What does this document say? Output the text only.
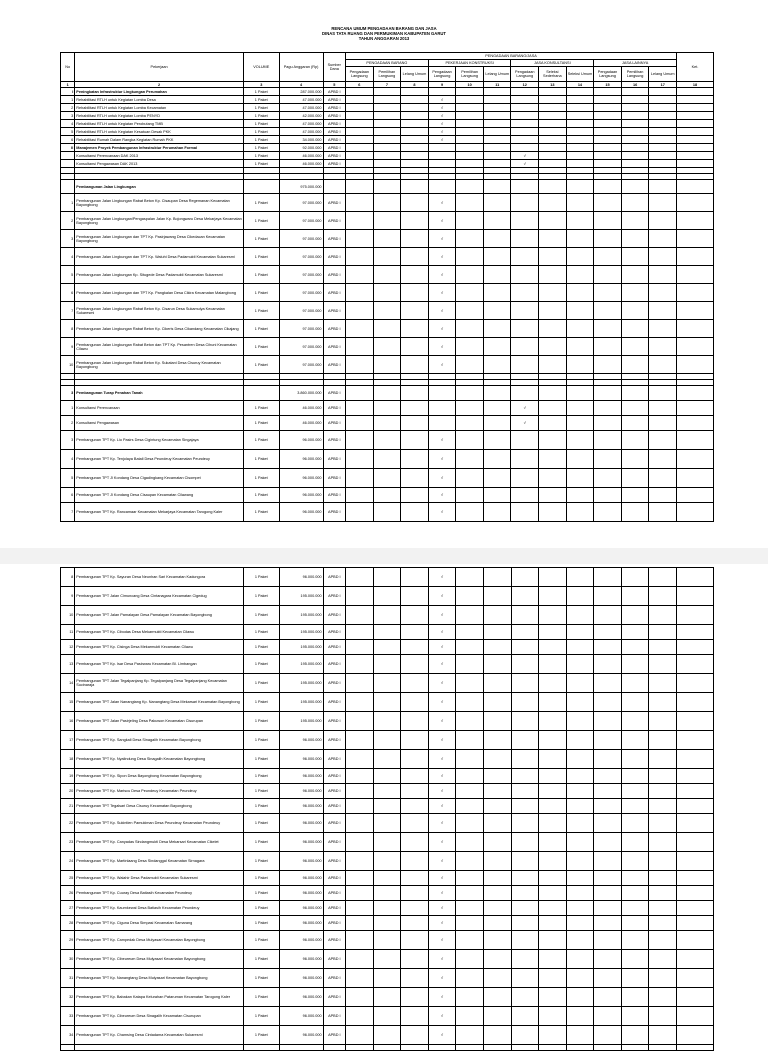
RENCANA UMUM PENGADAAN BARANG DAN JASA
DINAS TATA RUANG DAN PERMUKIMAN KABUPATEN GARUT
TAHUN ANGGARAN 2013
No	Pekerjaan	VOLUME	Pagu Anggaran (Rp)	Sumber Dana	PENGADAAN BARANG/JASA												Ket.
					PENGADAAN BARANG			PEKERJAAN KONSTRUKSI			JASA KONSULTANSI			JASA LAINNYA			
					Pengadaan Langsung	Pemilihan Langsung	Lelang Umum	Pengadaan Langsung	Pemilihan Langsung	Lelang Umum	Pengadaan Langsung	Seleksi Sederhana	Seleksi Umum	Pengadaan Langsung	Pemilihan Langsung	Lelang Umum	
1	2	3	4	5	6	7	8	9	10	11	12	13	14	15	16	17	18
I	Peningkatan Infrastruktur Lingkungan Perumahan	1 Paket	287.000.000	APBD I													
1	Rehabilitasi RTLH untuk Kegiatan Lomba Desa	1 Paket	47.000.000	APBD I				√									
2	Rehabilitasi RTLH untuk Kegiatan Lomba Kecamatan	1 Paket	47.000.000	APBD I				√									
3	Rehabilitasi RTLH untuk Kegiatan Lomba PENYD	1 Paket	42.000.000	APBD I				√									
4	Rehabilitasi RTLH untuk Kegiatan Perobutang TMB	1 Paket	47.000.000	APBD I				√									
5	Rehabilitasi RTLH untuk Kegiatan Kesatuan Desak PKK	1 Paket	47.000.000	APBD I				√									
6	Rehabilitasi Rumah Dalam Rangka Kegiatan Rumah PKK	1 Paket	34.000.000	APBD I				√									
II	Manajemen Proyek Pembangunan Infrastruktur Perumahan Formal	1 Paket	92.000.000	APBD I													
	Konsultansi Perencanaan DAK 2013	1 Paket	46.000.000	APBD I							√						
	Konsultansi Pengawasan DAK 2013	1 Paket	46.000.000	APBD I							√						

	Pembangunan Jalan Lingkungan		975.000.000														
1	Pembangunan Jalan Lingkungan Rabat Beton Kp. Cisaupan Desa Regemanan Kecamatan Bayongbong	1 Paket	97.000.000	APBD I				√									
2	Pembangunan Jalan Lingkungan/Pengaspalan Jalan Kp. Bojongwaru Desa Mekarjaya Kecamatan Bayongbong	1 Paket	97.000.000	APBD I				√									
3	Pembangunan Jalan Lingkungan dan TPT Kp. Pasirjawang Desa Cikedacan Kecamatan Bayongbong	1 Paket	97.000.000	APBD I				√									
4	Pembangunan Jalan Lingkungan dan TPT Kp. Waluhi Desa Padamukti Kecamatan Sukaresmi	1 Paket	97.000.000	APBD I				√									
5	Pembangunan Jalan Lingkungan Kp. Situgede Desa Padamukti Kecamatan Sukaresmi	1 Paket	97.000.000	APBD I				√									
6	Pembangunan Jalan Lingkungan dan TPT Kp. Pangkalan Desa Cikira Kecamatan Malangbong	1 Paket	97.000.000	APBD I				√									
7	Pembangunan Jalan Lingkungan Rabat Beton Kp. Cisarun Desa Sukamulya Kecamatan Sukaresmi	1 Paket	97.000.000	APBD I				√									
8	Pembangunan Jalan Lingkungan Rabat Beton Kp. Cikeris Desa Cikandang Kecamatan Cikajang	1 Paket	97.000.000	APBD I				√									
9	Pembangunan Jalan Lingkungan Rabat Beton dan TPT Kp. Pesantren Desa Cihuni Kecamatan Cilawu	1 Paket	97.000.000	APBD I				√									
10	Pembangunan Jalan Lingkungan Rabat Beton Kp. Sukatani Desa Cisuruy Kecamatan Bayongbong	1 Paket	97.000.000	APBD I				√									

3	Pembangunan Turap Penahan Tanah		3.860.000.000	APBD I													
1	Konsultansi Perencanaan	1 Paket	46.000.000	APBD I							√						
2	Konsultansi Pengawasan	1 Paket	46.000.000	APBD I							√						
3	Pembangunan TPT Kp. Lio Pasirs Desa Cigintung Kecamatan Singajaya	1 Paket	96.000.000	APBD I				√									
4	Pembangunan TPT Kp. Tenjolaya Batali Desa Peundeuy Kecamatan Peundeuy	1 Paket	96.000.000	APBD I				√									
5	Pembangunan TPT Jl Kondang Desa Cigadingkang Kecamatan Cisompet	1 Paket	96.000.000	APBD I				√									
6	Pembangunan TPT Jl Kondang Desa Cisaupan Kecamatan Cilawang	1 Paket	96.000.000	APBD I				√									
7	Pembangunan TPT Kp. Rancamaar Kecamatan Mekarjaya Kecamatan Tarogong Kaler	1 Paket	96.000.000	APBD I				√									
8	Pembangunan TPT Kp. Sayuran Desa Neunhan Sari Kecamatan Kadungora	1 Paket	96.000.000	APBD I				√									
9	Pembangunan TPT Jalan Cimuncang Desa Cintanagara Kecamatan Cigedug	1 Paket	195.000.000	APBD I				√									
10	Pembangunan TPT Jalan Pamalayan Desa Pamalayan Kecamatan Bayongbong	1 Paket	195.000.000	APBD I				√									
11	Pembangunan TPT Kp. Cibodas Desa Mekarmukti Kecamatan Cilawu	1 Paket	195.000.000	APBD I				√									
12	Pembangunan TPT Kp. Cisinga Desa Mekarmukti Kecamatan Cilawu	1 Paket	195.000.000	APBD I				√									
13	Pembangunan TPT Kp. Isar Desa Pasirwaru Kecamatan Bl. Limbangan	1 Paket	195.000.000	APBD I				√									
14	Pembangunan TPT Jalan Tegalpanjang Kp. Tegalpanjang Desa Tegalpanjang Kecamatan Sucinaraja	1 Paket	195.000.000	APBD I				√									
15	Pembangunan TPT Jalan Nanangtang Kp. Nanangtang Desa Mekarsari Kecamatan Bayongbong	1 Paket	195.000.000	APBD I				√									
16	Pembangunan TPT Jalan Pasirjeling Desa Pakuwon Kecamatan Cisurupan	1 Paket	195.000.000	APBD I				√									
17	Pembangunan TPT Kp. Sangkali Desa Sinagalih Kecamatan Bayongbong	1 Paket	96.000.000	APBD I				√									
18	Pembangunan TPT Kp. Nyalindung Desa Sinagalih Kecamatan Bayongbong	1 Paket	96.000.000	APBD I				√									
19	Pembangunan TPT Kp. Sipon Desa Bayongbong Kecamatan Bayongbong	1 Paket	96.000.000	APBD I				√									
20	Pembangunan TPT Kp. Mariscu Desa Peundeuy Kecamatan Peundeuy	1 Paket	96.000.000	APBD I				√									
21	Pembangunan TPT Tegalsari Desa Cisuruy Kecamatan Bayongbong	1 Paket	96.000.000	APBD I				√									
22	Pembangunan TPT Kp. Sukintlen Pamukiman Desa Peundeuy Kecamatan Peundeuy	1 Paket	96.000.000	APBD I				√									
23	Pembangunan TPT Kp. Canyadas Sindangmukti Desa Mekarsari Kecamatan Cikelet	1 Paket	96.000.000	APBD I				√									
24	Pembangunan TPT Kp. Martinlaang Desa Sindanggal Kecamatan Sirnagara	1 Paket	96.000.000	APBD I				√									
25	Pembangunan TPT Kp. Walahir Desa Padamukti Kecamatan Sukaresmi	1 Paket	96.000.000	APBD I				√									
26	Pembangunan TPT Kp. Cuuray Desa Batiasih Kecamatan Peundeuy	1 Paket	96.000.000	APBD I				√									
27	Pembangunan TPT Kp. Kaumkewal Desa Batiasih Kecamatan Peundeuy	1 Paket	96.000.000	APBD I				√									
28	Pembangunan TPT Kp. Ciguna Desa Simpasi Kecamatan Samarang	1 Paket	96.000.000	APBD I				√									
29	Pembangunan TPT Kp. Campedak Desa Mulyasari Kecamatan Bayongbong	1 Paket	96.000.000	APBD I				√									
30	Pembangunan TPT Kp. Cibeureum Desa Mulyasari Kecamatan Bayongbong	1 Paket	96.000.000	APBD I				√									
31	Pembangunan TPT Kp. Nanangtang Desa Mulyasari Kecamatan Bayongbong	1 Paket	96.000.000	APBD I				√									
32	Pembangunan TPT Kp. Babakan Katapa Kelurahan Pataruman Kecamatan Tarogong Kaler	1 Paket	96.000.000	APBD I				√									
33	Pembangunan TPT Kp. Cibeureum Desa Sinagalih Kecamatan Cisurupan	1 Paket	96.000.000	APBD I				√									
34	Pembangunan TPT Kp. Chamsing Desa Cintadama Kecamatan Sukaresmi	1 Paket	96.000.000	APBD I				√									
